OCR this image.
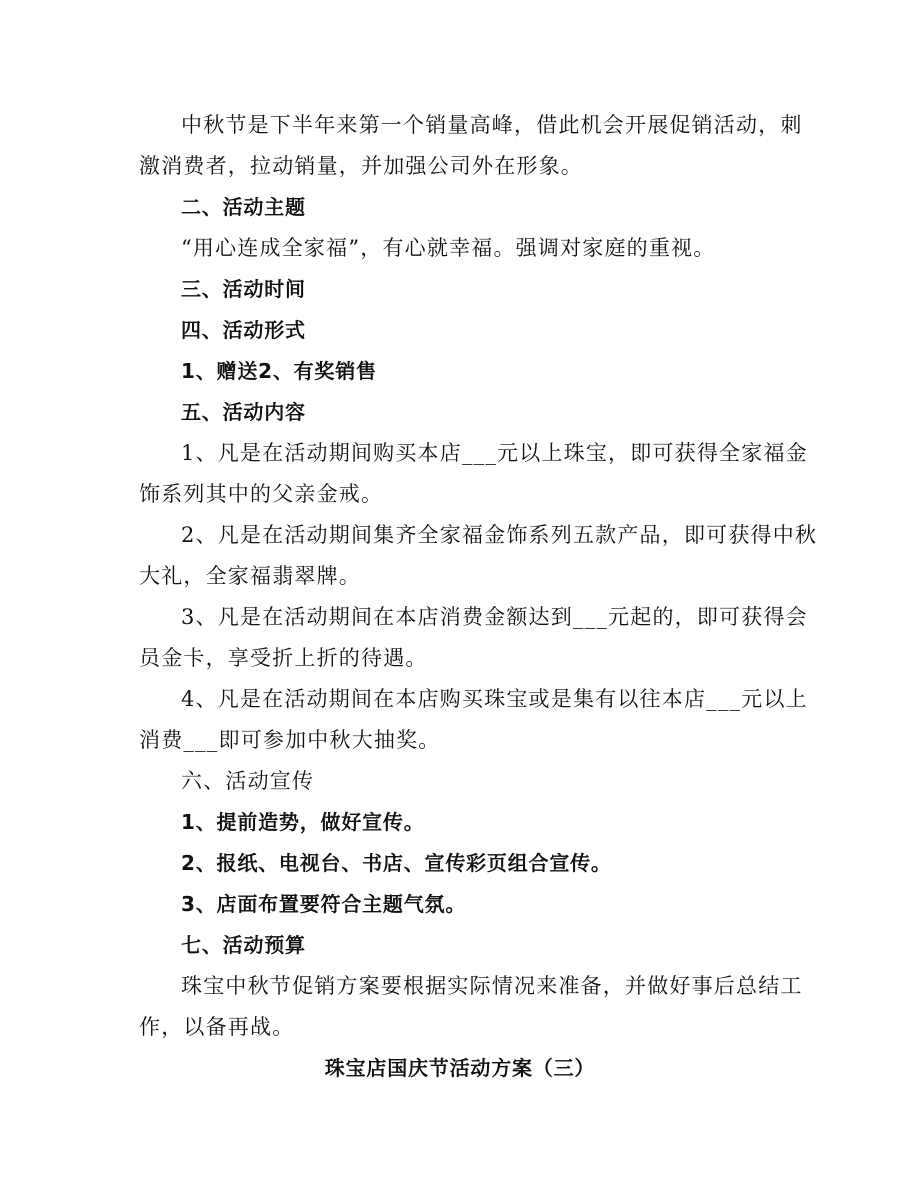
中秋节是下半年来第一个销量高峰，借此机会开展促销活动，刺
激消费者，拉动销量，并加强公司外在形象。
二、活动主题
“用心连成全家福”，有心就幸福。强调对家庭的重视。
三、活动时间
四、活动形式
1、赠送2、有奖销售
五、活动内容
1、凡是在活动期间购买本店___元以上珠宝，即可获得全家福金
饰系列其中的父亲金戒。
2、凡是在活动期间集齐全家福金饰系列五款产品，即可获得中秋
大礼，全家福翡翠牌。
3、凡是在活动期间在本店消费金额达到___元起的，即可获得会
员金卡，享受折上折的待遇。
4、凡是在活动期间在本店购买珠宝或是集有以往本店___元以上
消费___即可参加中秋大抽奖。
六、活动宣传
1、提前造势，做好宣传。
2、报纸、电视台、书店、宣传彩页组合宣传。
3、店面布置要符合主题气氛。
七、活动预算
珠宝中秋节促销方案要根据实际情况来准备，并做好事后总结工
作，以备再战。
珠宝店国庆节活动方案（三）
